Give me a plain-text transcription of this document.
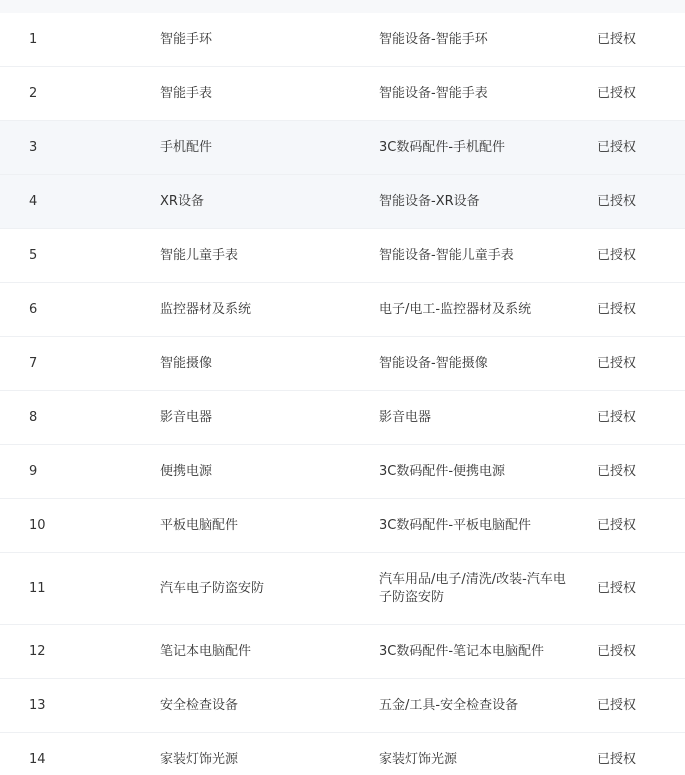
1	智能手环	智能设备-智能手环	已授权
2	智能手表	智能设备-智能手表	已授权
3	手机配件	3C数码配件-手机配件	已授权
4	XR设备	智能设备-XR设备	已授权
5	智能儿童手表	智能设备-智能儿童手表	已授权
6	监控器材及系统	电子/电工-监控器材及系统	已授权
7	智能摄像	智能设备-智能摄像	已授权
8	影音电器	影音电器	已授权
9	便携电源	3C数码配件-便携电源	已授权
10	平板电脑配件	3C数码配件-平板电脑配件	已授权
11	汽车电子防盗安防
汽车用品/电子/清洗/改装-汽车电子防盗安防
已授权
12	笔记本电脑配件	3C数码配件-笔记本电脑配件	已授权
13	安全检查设备	五金/工具-安全检查设备	已授权
14	家装灯饰光源	家装灯饰光源	已授权
